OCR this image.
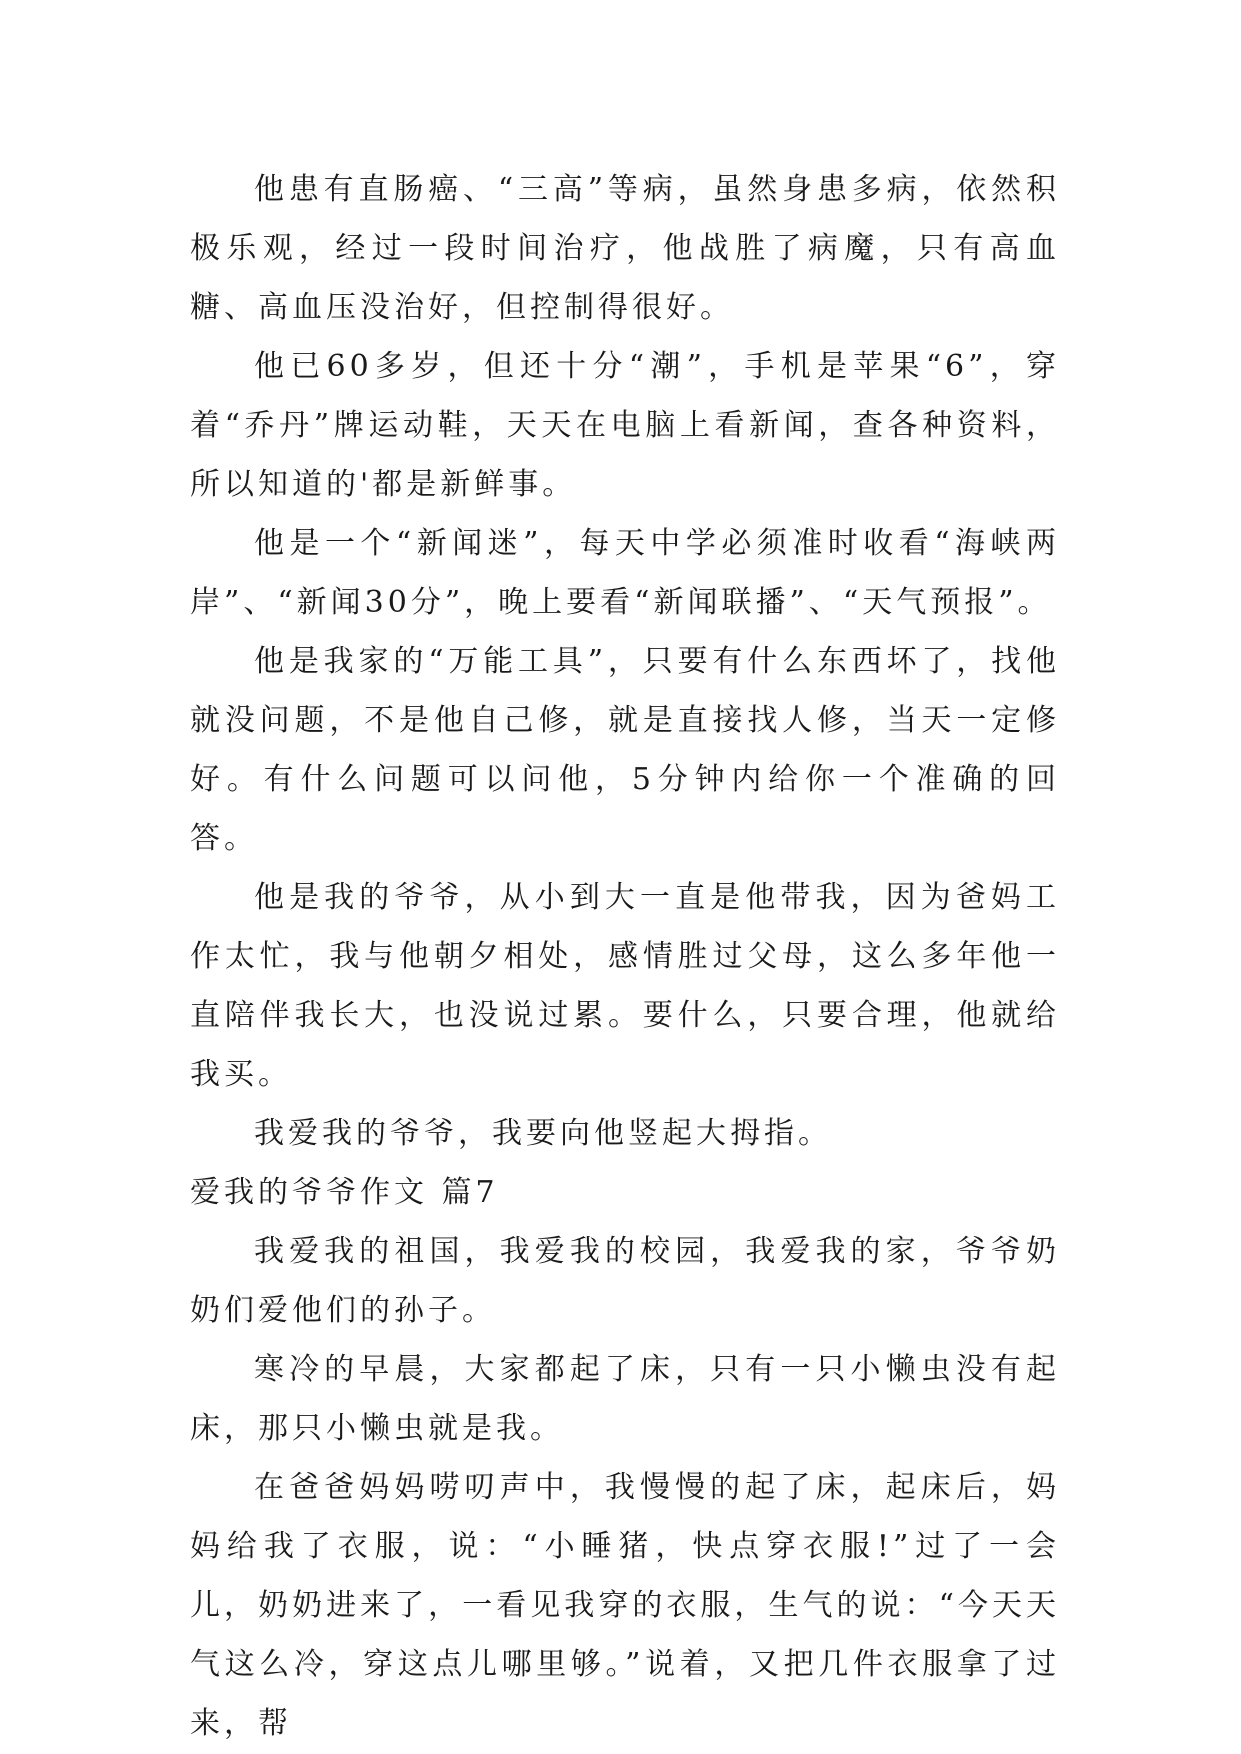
他患有直肠癌、“三高”等病，虽然身患多病，依然积极乐观，经过一段时间治疗，他战胜了病魔，只有高血糖、高血压没治好，但控制得很好。

他已60多岁，但还十分“潮”，手机是苹果“6”，穿着“乔丹”牌运动鞋，天天在电脑上看新闻，查各种资料，所以知道的'都是新鲜事。

他是一个“新闻迷”，每天中学必须准时收看“海峡两岸”、“新闻30分”，晚上要看“新闻联播”、“天气预报”。

他是我家的“万能工具”，只要有什么东西坏了，找他就没问题，不是他自己修，就是直接找人修，当天一定修好。有什么问题可以问他，5分钟内给你一个准确的回答。

他是我的爷爷，从小到大一直是他带我，因为爸妈工作太忙，我与他朝夕相处，感情胜过父母，这么多年他一直陪伴我长大，也没说过累。要什么，只要合理，他就给我买。

我爱我的爷爷，我要向他竖起大拇指。

爱我的爷爷作文 篇7

我爱我的祖国，我爱我的校园，我爱我的家，爷爷奶奶们爱他们的孙子。

寒冷的早晨，大家都起了床，只有一只小懒虫没有起床，那只小懒虫就是我。

在爸爸妈妈唠叨声中，我慢慢的起了床，起床后，妈妈给我了衣服，说：“小睡猪，快点穿衣服!”过了一会儿，奶奶进来了，一看见我穿的衣服，生气的说：“今天天气这么冷，穿这点儿哪里够。”说着，又把几件衣服拿了过来，帮
